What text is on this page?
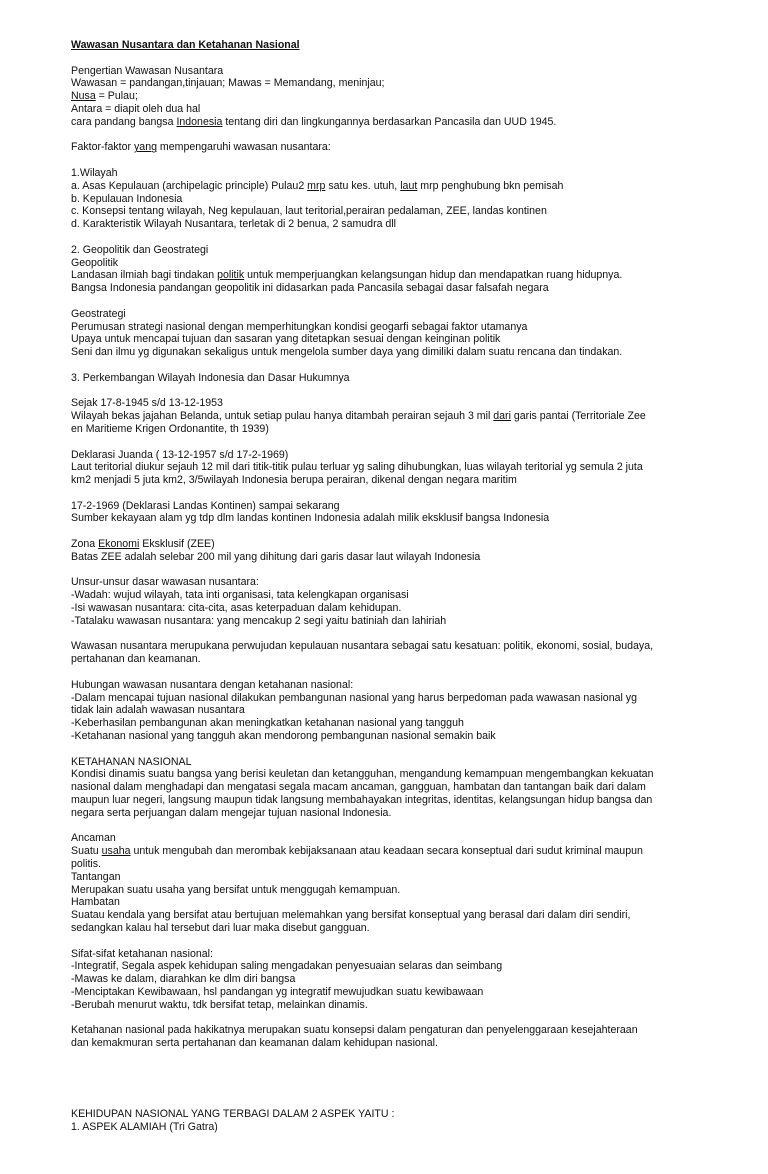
Wawasan Nusantara dan Ketahanan Nasional
Pengertian Wawasan Nusantara
Wawasan = pandangan,tinjauan; Mawas = Memandang, meninjau;
Nusa = Pulau;
Antara = diapit oleh dua hal
cara pandang bangsa Indonesia tentang diri dan lingkungannya berdasarkan Pancasila dan UUD 1945.
Faktor-faktor yang mempengaruhi wawasan nusantara:
1.Wilayah
a. Asas Kepulauan (archipelagic principle) Pulau2 mrp satu kes. utuh, laut mrp penghubung bkn pemisah
b. Kepulauan Indonesia
c. Konsepsi tentang wilayah, Neg kepulauan, laut teritorial,perairan pedalaman, ZEE, landas kontinen
d. Karakteristik Wilayah Nusantara, terletak di 2 benua, 2 samudra dll
2. Geopolitik dan Geostrategi
Geopolitik
Landasan ilmiah bagi tindakan politik untuk memperjuangkan kelangsungan hidup dan mendapatkan ruang hidupnya.
Bangsa Indonesia pandangan geopolitik ini didasarkan pada Pancasila sebagai dasar falsafah negara
Geostrategi
Perumusan strategi nasional dengan memperhitungkan kondisi geogarfi sebagai faktor utamanya
Upaya untuk mencapai tujuan dan sasaran yang ditetapkan sesuai dengan keinginan politik
Seni dan ilmu yg digunakan sekaligus untuk mengelola sumber daya yang dimiliki dalam suatu rencana dan tindakan.
3. Perkembangan Wilayah Indonesia dan Dasar Hukumnya
Sejak 17-8-1945 s/d 13-12-1953
Wilayah bekas jajahan Belanda, untuk setiap pulau hanya ditambah perairan sejauh 3 mil dari garis pantai (Territoriale Zee
en Maritieme Krigen Ordonantite, th 1939)
Deklarasi Juanda ( 13-12-1957 s/d 17-2-1969)
Laut teritorial diukur sejauh 12 mil dari titik-titik pulau terluar yg saling dihubungkan, luas wilayah teritorial yg semula 2 juta
km2 menjadi 5 juta km2, 3/5wilayah Indonesia berupa perairan, dikenal dengan negara maritim
17-2-1969 (Deklarasi Landas Kontinen) sampai sekarang
Sumber kekayaan alam yg tdp dlm landas kontinen Indonesia adalah milik eksklusif bangsa Indonesia
Zona Ekonomi Eksklusif (ZEE)
Batas ZEE adalah selebar 200 mil yang dihitung dari garis dasar laut wilayah Indonesia
Unsur-unsur dasar wawasan nusantara:
-Wadah: wujud wilayah, tata inti organisasi, tata kelengkapan organisasi
-Isi wawasan nusantara: cita-cita, asas keterpaduan dalam kehidupan.
-Tatalaku wawasan nusantara: yang mencakup 2 segi yaitu batiniah dan lahiriah
Wawasan nusantara merupukana perwujudan kepulauan nusantara sebagai satu kesatuan: politik, ekonomi, sosial, budaya,
pertahanan dan keamanan.
Hubungan wawasan nusantara dengan ketahanan nasional:
-Dalam mencapai tujuan nasional dilakukan pembangunan nasional yang harus berpedoman pada wawasan nasional yg
tidak lain adalah wawasan nusantara
-Keberhasilan pembangunan akan meningkatkan ketahanan nasional yang tangguh
-Ketahanan nasional yang tangguh akan mendorong pembangunan nasional semakin baik
KETAHANAN NASIONAL
Kondisi dinamis suatu bangsa yang berisi keuletan dan ketangguhan, mengandung kemampuan mengembangkan kekuatan
nasional dalam menghadapi dan mengatasi segala macam ancaman, gangguan, hambatan dan tantangan baik dari dalam
maupun luar negeri, langsung maupun tidak langsung membahayakan integritas, identitas, kelangsungan hidup bangsa dan
negara serta perjuangan dalam mengejar tujuan nasional Indonesia.
Ancaman
Suatu usaha untuk mengubah dan merombak kebijaksanaan atau keadaan secara konseptual dari sudut kriminal maupun
politis.
Tantangan
Merupakan suatu usaha yang bersifat untuk menggugah kemampuan.
Hambatan
Suatau kendala yang bersifat atau bertujuan melemahkan yang bersifat konseptual yang berasal dari dalam diri sendiri,
sedangkan kalau hal tersebut dari luar maka disebut gangguan.
Sifat-sifat ketahanan nasional:
-Integratif, Segala aspek kehidupan saling mengadakan penyesuaian selaras dan seimbang
-Mawas ke dalam, diarahkan ke dlm diri bangsa
-Menciptakan Kewibawaan, hsl pandangan yg integratif mewujudkan suatu kewibawaan
-Berubah menurut waktu, tdk bersifat tetap, melainkan dinamis.
Ketahanan nasional pada hakikatnya merupakan suatu konsepsi dalam pengaturan dan penyelenggaraan kesejahteraan
dan kemakmuran serta pertahanan dan keamanan dalam kehidupan nasional.
KEHIDUPAN NASIONAL YANG TERBAGI DALAM 2 ASPEK YAITU :
1. ASPEK ALAMIAH (Tri Gatra)
